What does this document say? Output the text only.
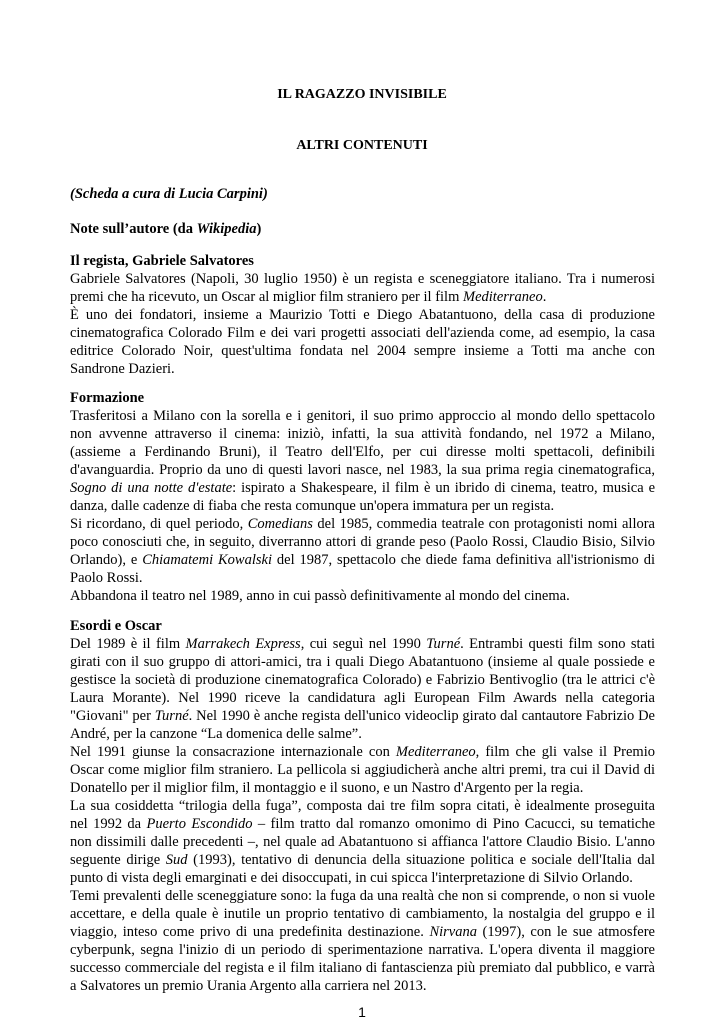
IL RAGAZZO INVISIBILE
ALTRI CONTENUTI
(Scheda a cura di Lucia Carpini)
Note sull’autore (da Wikipedia)
Il regista, Gabriele Salvatores
Gabriele Salvatores (Napoli, 30 luglio 1950) è un regista e sceneggiatore italiano. Tra i numerosi
premi che ha ricevuto, un Oscar al miglior film straniero per il film Mediterraneo.
È uno dei fondatori, insieme a Maurizio Totti e Diego Abatantuono, della casa di produzione
cinematografica Colorado Film e dei vari progetti associati dell'azienda come, ad esempio, la casa
editrice Colorado Noir, quest'ultima fondata nel 2004 sempre insieme a Totti ma anche con
Sandrone Dazieri.
Formazione
Trasferitosi a Milano con la sorella e i genitori, il suo primo approccio al mondo dello spettacolo
non avvenne attraverso il cinema: iniziò, infatti, la sua attività fondando, nel 1972 a Milano,
(assieme a Ferdinando Bruni), il Teatro dell'Elfo, per cui diresse molti spettacoli, definibili
d'avanguardia. Proprio da uno di questi lavori nasce, nel 1983, la sua prima regia cinematografica,
Sogno di una notte d'estate: ispirato a Shakespeare, il film è un ibrido di cinema, teatro, musica e
danza, dalle cadenze di fiaba che resta comunque un'opera immatura per un regista.
Si ricordano, di quel periodo, Comedians del 1985, commedia teatrale con protagonisti nomi allora
poco conosciuti che, in seguito, diverranno attori di grande peso (Paolo Rossi, Claudio Bisio, Silvio
Orlando), e Chiamatemi Kowalski del 1987, spettacolo che diede fama definitiva all'istrionismo di
Paolo Rossi.
Abbandona il teatro nel 1989, anno in cui passò definitivamente al mondo del cinema.
Esordi e Oscar
Del 1989 è il film Marrakech Express, cui seguì nel 1990 Turné. Entrambi questi film sono stati
girati con il suo gruppo di attori-amici, tra i quali Diego Abatantuono (insieme al quale possiede e
gestisce la società di produzione cinematografica Colorado) e Fabrizio Bentivoglio (tra le attrici c'è
Laura Morante). Nel 1990 riceve la candidatura agli European Film Awards nella categoria
"Giovani" per Turné. Nel 1990 è anche regista dell'unico videoclip girato dal cantautore Fabrizio De
André, per la canzone “La domenica delle salme”.
Nel 1991 giunse la consacrazione internazionale con Mediterraneo, film che gli valse il Premio
Oscar come miglior film straniero. La pellicola si aggiudicherà anche altri premi, tra cui il David di
Donatello per il miglior film, il montaggio e il suono, e un Nastro d'Argento per la regia.
La sua cosiddetta “trilogia della fuga”, composta dai tre film sopra citati, è idealmente proseguita
nel 1992 da Puerto Escondido – film tratto dal romanzo omonimo di Pino Cacucci, su tematiche
non dissimili dalle precedenti –, nel quale ad Abatantuono si affianca l'attore Claudio Bisio. L'anno
seguente dirige Sud (1993), tentativo di denuncia della situazione politica e sociale dell'Italia dal
punto di vista degli emarginati e dei disoccupati, in cui spicca l'interpretazione di Silvio Orlando.
Temi prevalenti delle sceneggiature sono: la fuga da una realtà che non si comprende, o non si vuole
accettare, e della quale è inutile un proprio tentativo di cambiamento, la nostalgia del gruppo e il
viaggio, inteso come privo di una predefinita destinazione. Nirvana (1997), con le sue atmosfere
cyberpunk, segna l'inizio di un periodo di sperimentazione narrativa. L'opera diventa il maggiore
successo commerciale del regista e il film italiano di fantascienza più premiato dal pubblico, e varrà
a Salvatores un premio Urania Argento alla carriera nel 2013.
1
